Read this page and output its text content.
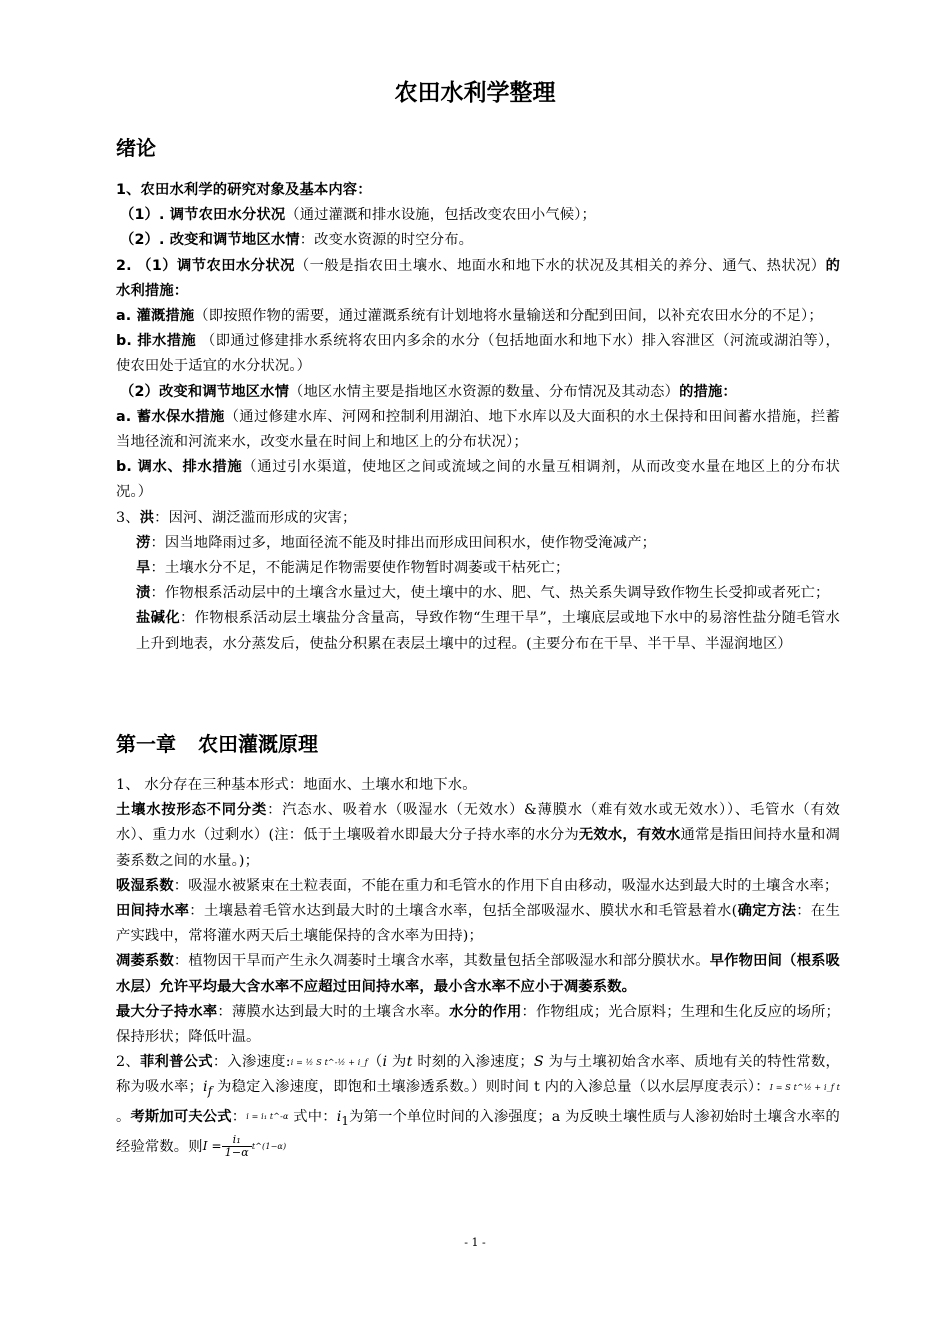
农田水利学整理
绪论

1、农田水利学的研究对象及基本内容：

（1）. 调节农田水分状况（通过灌溉和排水设施，包括改变农田小气候）；

（2）. 改变和调节地区水情：改变水资源的时空分布。

2. （1）调节农田水分状况（一般是指农田土壤水、地面水和地下水的状况及其相关的养分、通气、热状况）的水利措施：

a. 灌溉措施（即按照作物的需要，通过灌溉系统有计划地将水量输送和分配到田间，以补充农田水分的不足）；

b. 排水措施 （即通过修建排水系统将农田内多余的水分（包括地面水和地下水）排入容泄区（河流或湖泊等），使农田处于适宜的水分状况。）

（2）改变和调节地区水情（地区水情主要是指地区水资源的数量、分布情况及其动态）的措施：

a. 蓄水保水措施（通过修建水库、河网和控制利用湖泊、地下水库以及大面积的水土保持和田间蓄水措施，拦蓄当地径流和河流来水，改变水量在时间上和地区上的分布状况）；

b. 调水、排水措施（通过引水渠道，使地区之间或流域之间的水量互相调剂，从而改变水量在地区上的分布状况。）

3、洪：因河、湖泛滥而形成的灾害；

涝：因当地降雨过多，地面径流不能及时排出而形成田间积水，使作物受淹减产；

旱：土壤水分不足，不能满足作物需要使作物暂时凋萎或干枯死亡；

渍：作物根系活动层中的土壤含水量过大，使土壤中的水、肥、气、热关系失调导致作物生长受抑或者死亡；

盐碱化：作物根系活动层土壤盐分含量高，导致作物“生理干旱”，土壤底层或地下水中的易溶性盐分随毛管水上升到地表，水分蒸发后，使盐分积累在表层土壤中的过程。(主要分布在干旱、半干旱、半湿润地区）

第一章 农田灌溉原理

1、 水分存在三种基本形式：地面水、土壤水和地下水。

土壤水按形态不同分类：汽态水、吸着水（吸湿水（无效水）&薄膜水（难有效水或无效水））、毛管水（有效水）、重力水（过剩水）(注：低于土壤吸着水即最大分子持水率的水分为无效水，有效水通常是指田间持水量和凋萎系数之间的水量。)；

吸湿系数：吸湿水被紧束在土粒表面，不能在重力和毛管水的作用下自由移动，吸湿水达到最大时的土壤含水率；

田间持水率：土壤悬着毛管水达到最大时的土壤含水率，包括全部吸湿水、膜状水和毛管悬着水(确定方法：在生产实践中，常将灌水两天后土壤能保持的含水率为田持)；

凋萎系数：植物因干旱而产生永久凋萎时土壤含水率，其数量包括全部吸湿水和部分膜状水。早作物田间（根系吸水层）允许平均最大含水率不应超过田间持水率，最小含水率不应小于凋萎系数。

最大分子持水率：薄膜水达到最大时的土壤含水率。水分的作用：作物组成；光合原料；生理和生化反应的场所；保持形状；降低叶温。

2、菲利普公式：入渗速度:i = ½ S t^-½ + i_f（i 为t 时刻的入渗速度；S 为与土壤初始含水率、质地有关的特性常数，称为吸水率；$i_f$ 为稳定入渗速度，即饱和土壤渗透系数。）则时间 t 内的入渗总量（以水层厚度表示）：I = S t^½ + i_f t。考斯加可夫公式：i = i₁ t^-α 式中：$i_1$为第一个单位时间的入渗强度；a 为反映土壤性质与人渗初始时土壤含水率的经验常数。则$I = \frac{\text{i₁}}{1-\alpha}$ t^(1−α)

- 1 -
